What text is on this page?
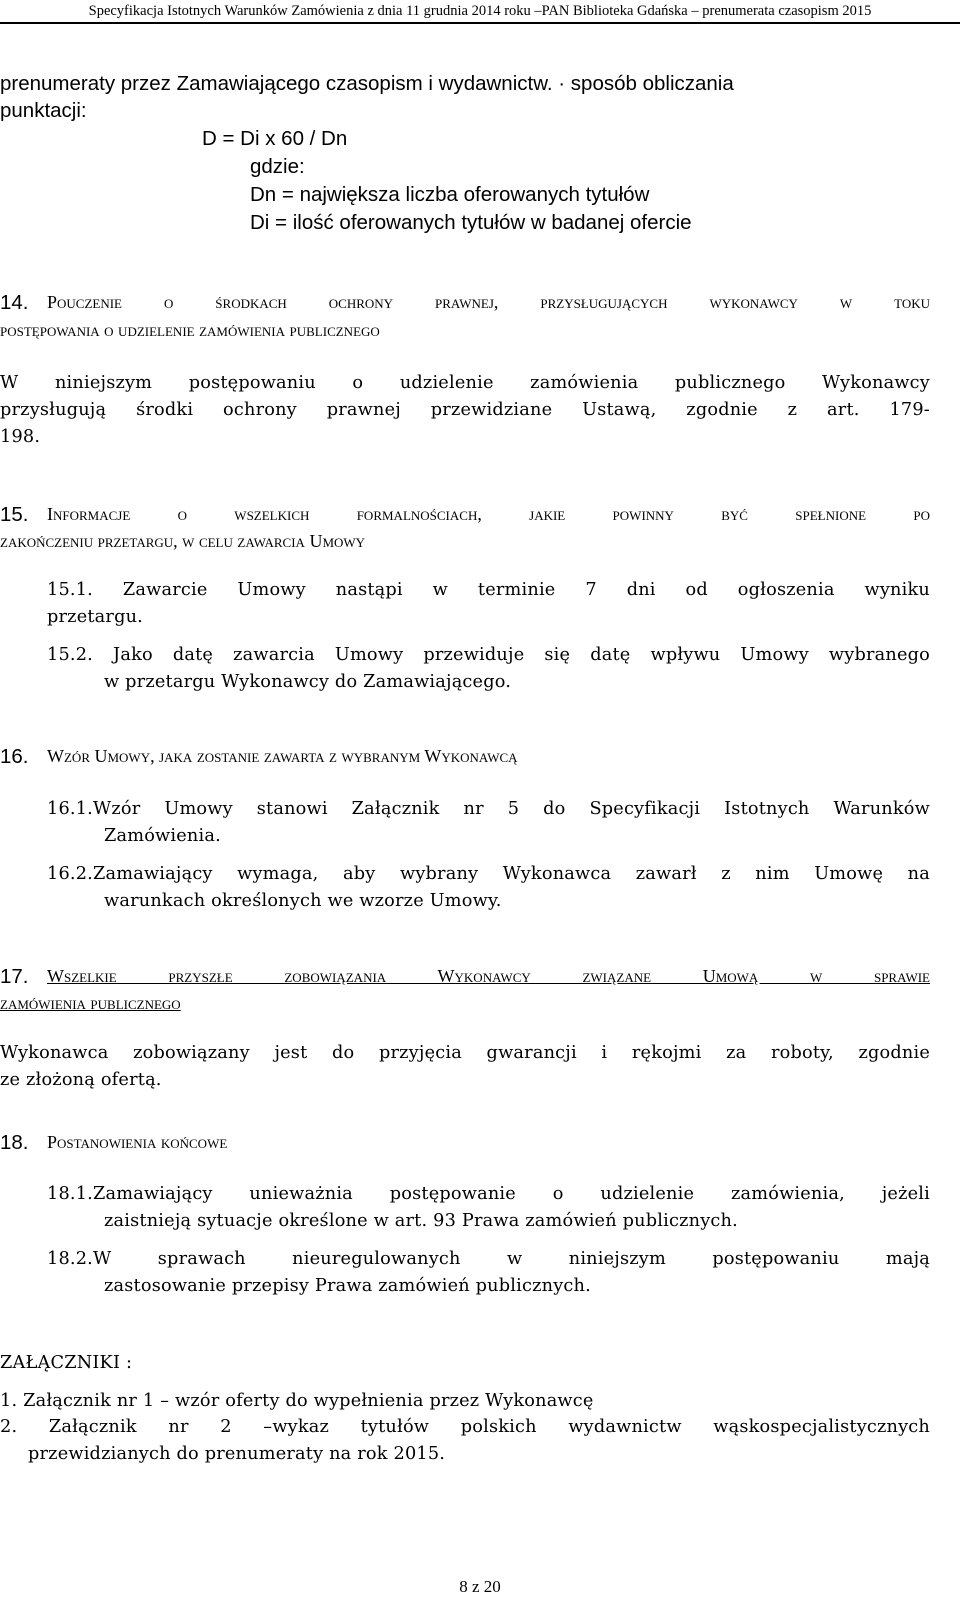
Specyfikacja Istotnych Warunków Zamówienia z dnia 11 grudnia 2014 roku –PAN Biblioteka Gdańska – prenumerata czasopism 2015
prenumeraty przez Zamawiającego czasopism i wydawnictw. · sposób obliczania
punktacji:
D = Di x 60 / Dn
gdzie:
Dn = największa liczba oferowanych tytułów
Di = ilość oferowanych tytułów w badanej ofercie
14. Pouczenie o środkach ochrony prawnej, przysługujących wykonawcy w toku
postępowania o udzielenie zamówienia publicznego
W niniejszym postępowaniu o udzielenie zamówienia publicznego Wykonawcy
przysługują środki ochrony prawnej przewidziane Ustawą, zgodnie z art. 179-
198.
15. Informacje o wszelkich formalnościach, jakie powinny być spełnione po
zakończeniu przetargu, w celu zawarcia Umowy
15.1. Zawarcie Umowy nastąpi w terminie 7 dni od ogłoszenia wyniku
przetargu.
15.2. Jako datę zawarcia Umowy przewiduje się datę wpływu Umowy wybranego
w przetargu Wykonawcy do Zamawiającego.
16. Wzór Umowy, jaka zostanie zawarta z wybranym Wykonawcą
16.1.Wzór Umowy stanowi Załącznik nr 5 do Specyfikacji Istotnych Warunków
Zamówienia.
16.2.Zamawiający wymaga, aby wybrany Wykonawca zawarł z nim Umowę na
warunkach określonych we wzorze Umowy.
17. Wszelkie przyszłe zobowiązania Wykonawcy związane Umową w sprawie
zamówienia publicznego
Wykonawca zobowiązany jest do przyjęcia gwarancji i rękojmi za roboty, zgodnie
ze złożoną ofertą.
18. Postanowienia końcowe
18.1.Zamawiający unieważnia postępowanie o udzielenie zamówienia, jeżeli
zaistnieją sytuacje określone w art. 93 Prawa zamówień publicznych.
18.2.W sprawach nieuregulowanych w niniejszym postępowaniu mają
zastosowanie przepisy Prawa zamówień publicznych.
ZAŁĄCZNIKI :
1. Załącznik nr 1 – wzór oferty do wypełnienia przez Wykonawcę
2. Załącznik nr 2 –wykaz tytułów polskich wydawnictw wąskospecjalistycznych
przewidzianych do prenumeraty na rok 2015.
8 z 20
